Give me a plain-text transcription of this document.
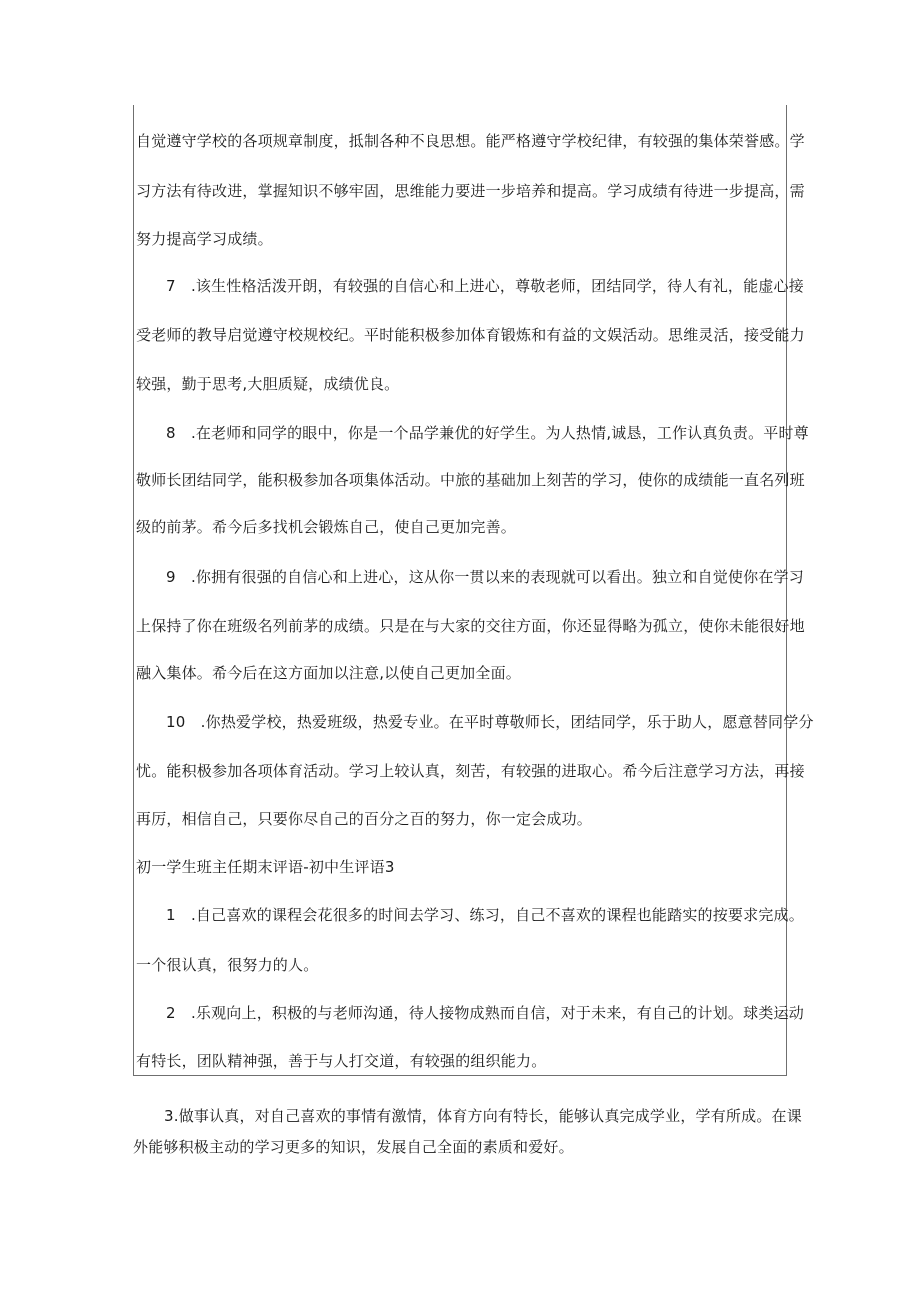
自觉遵守学校的各项规章制度，抵制各种不良思想。能严格遵守学校纪律，有较强的集体荣誉感。学
习方法有待改进，掌握知识不够牢固，思维能力要进一步培养和提高。学习成绩有待进一步提高，需
努力提高学习成绩。
7　.该生性格活泼开朗，有较强的自信心和上进心，尊敬老师，团结同学，待人有礼，能虚心接
受老师的教导启觉遵守校规校纪。平时能积极参加体育锻炼和有益的文娱活动。思维灵活，接受能力
较强，勤于思考,大胆质疑，成绩优良。
8　.在老师和同学的眼中，你是一个品学兼优的好学生。为人热情,诚恳，工作认真负责。平时尊
敬师长团结同学，能积极参加各项集体活动。中旅的基础加上刻苦的学习，使你的成绩能一直名列班
级的前茅。希今后多找机会锻炼自己，使自己更加完善。
9　.你拥有很强的自信心和上进心，这从你一贯以来的表现就可以看出。独立和自觉使你在学习
上保持了你在班级名列前茅的成绩。只是在与大家的交往方面，你还显得略为孤立，使你未能很好地
融入集体。希今后在这方面加以注意,以使自己更加全面。
10　.你热爱学校，热爱班级，热爱专业。在平时尊敬师长，团结同学，乐于助人，愿意替同学分
忧。能积极参加各项体育活动。学习上较认真，刻苦，有较强的进取心。希今后注意学习方法，再接
再厉，相信自己，只要你尽自己的百分之百的努力，你一定会成功。
初一学生班主任期末评语-初中生评语3
1　.自己喜欢的课程会花很多的时间去学习、练习，自己不喜欢的课程也能踏实的按要求完成。
一个很认真，很努力的人。
2　.乐观向上，积极的与老师沟通，待人接物成熟而自信，对于未来，有自己的计划。球类运动
有特长，团队精神强，善于与人打交道，有较强的组织能力。
3.做事认真，对自己喜欢的事情有激情，体育方向有特长，能够认真完成学业，学有所成。在课
外能够积极主动的学习更多的知识，发展自己全面的素质和爱好。
